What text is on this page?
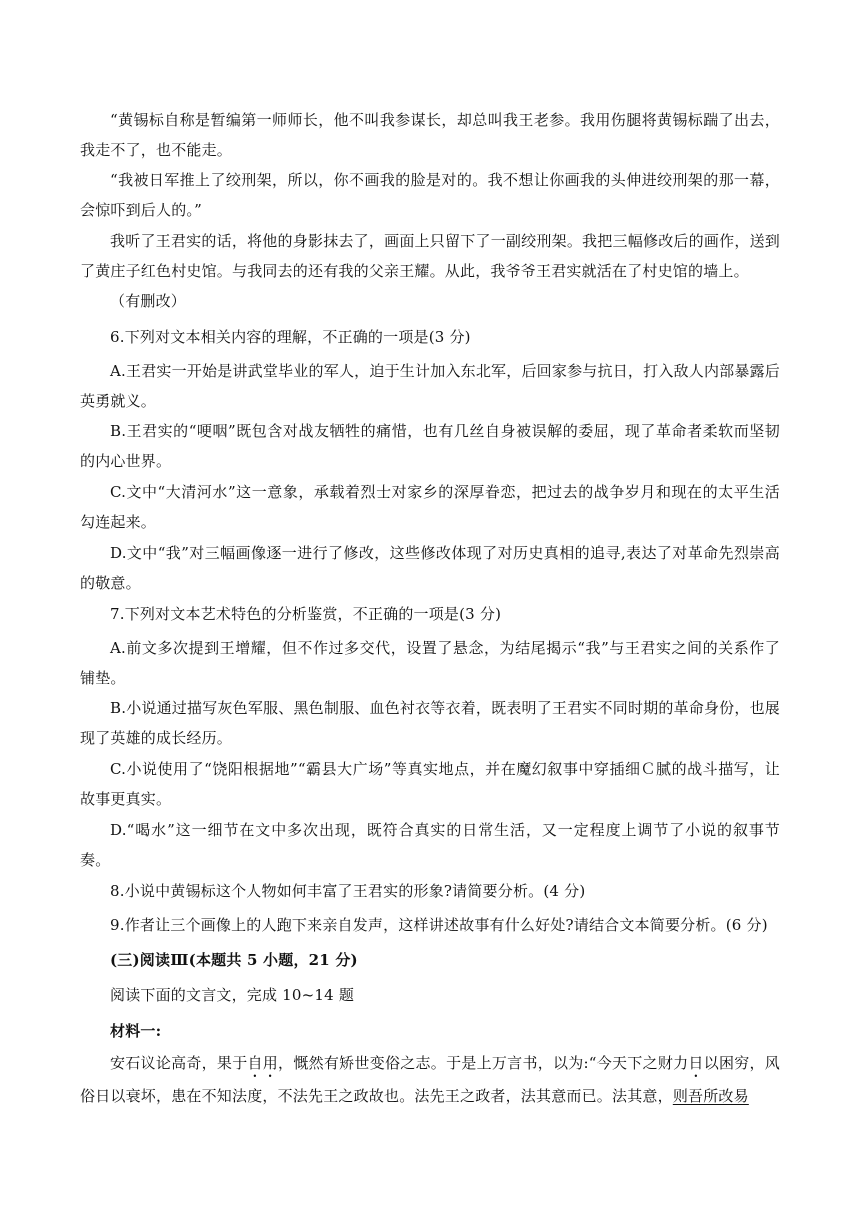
“黄锡标自称是暂编第一师师长，他不叫我参谋长，却总叫我王老参。我用伤腿将黄锡标踹了出去，我走不了，也不能走。

“我被日军推上了绞刑架，所以，你不画我的脸是对的。我不想让你画我的头伸进绞刑架的那一幕，会惊吓到后人的。”

我听了王君实的话，将他的身影抹去了，画面上只留下了一副绞刑架。我把三幅修改后的画作，送到了黄庄子红色村史馆。与我同去的还有我的父亲王耀。从此，我爷爷王君实就活在了村史馆的墙上。

（有删改）

6.下列对文本相关内容的理解，不正确的一项是(3 分)

A.王君实一开始是讲武堂毕业的军人，迫于生计加入东北军，后回家参与抗日，打入敌人内部暴露后英勇就义。

B.王君实的“哽咽”既包含对战友牺牲的痛惜，也有几丝自身被误解的委屈，现了革命者柔软而坚韧的内心世界。

C.文中“大清河水”这一意象，承载着烈士对家乡的深厚眷恋，把过去的战争岁月和现在的太平生活勾连起来。

D.文中“我”对三幅画像逐一进行了修改，这些修改体现了对历史真相的追寻,表达了对革命先烈崇高的敬意。

7.下列对文本艺术特色的分析鉴赏，不正确的一项是(3 分)

A.前文多次提到王增耀，但不作过多交代，设置了悬念，为结尾揭示“我”与王君实之间的关系作了铺垫。

B.小说通过描写灰色军服、黑色制服、血色衬衣等衣着，既表明了王君实不同时期的革命身份，也展现了英雄的成长经历。

C.小说使用了“饶阳根据地”“霸县大广场”等真实地点，并在魔幻叙事中穿插细Ｃ腻的战斗描写，让故事更真实。

D.“喝水”这一细节在文中多次出现，既符合真实的日常生活，又一定程度上调节了小说的叙事节奏。

8.小说中黄锡标这个人物如何丰富了王君实的形象?请简要分析。(4 分)

9.作者让三个画像上的人跑下来亲自发声，这样讲述故事有什么好处?请结合文本简要分析。(6 分)

(三)阅读Ⅲ(本题共 5 小题，21 分)

阅读下面的文言文，完成 10~14 题

材料一:

安石议论高奇，果于自用，慨然有矫世变俗之志。于是上万言书，以为:“今天下之财力日以困穷，风俗日以衰坏，患在不知法度，不法先王之政故也。法先王之政者，法其意而已。法其意，则吾所改易
